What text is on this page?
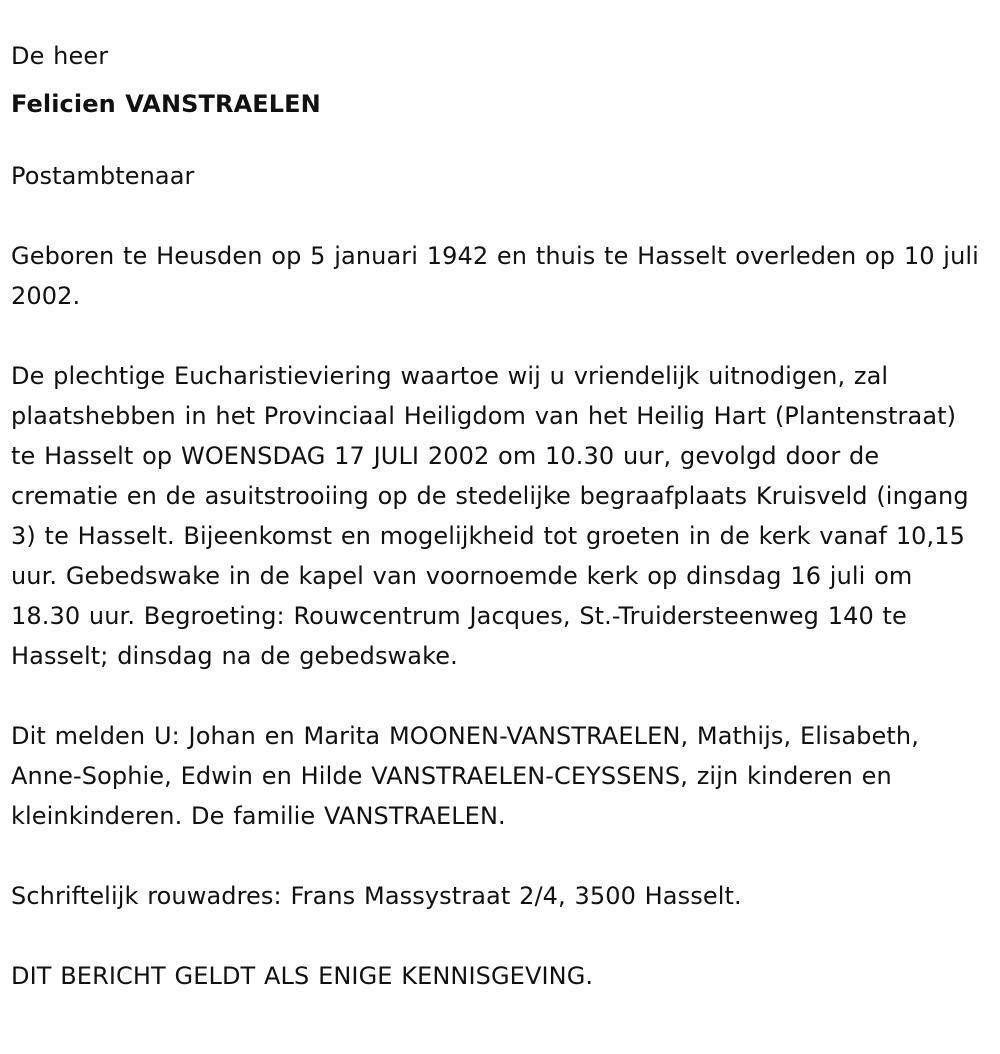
De heer

Felicien VANSTRAELEN

Postambtenaar

Geboren te Heusden op 5 januari 1942 en thuis te Hasselt overleden op 10 juli 2002.

De plechtige Eucharistieviering waartoe wij u vriendelijk uitnodigen, zal plaatshebben in het Provinciaal Heiligdom van het Heilig Hart (Plantenstraat) te Hasselt op WOENSDAG 17 JULI 2002 om 10.30 uur, gevolgd door de crematie en de asuitstrooiing op de stedelijke begraafplaats Kruisveld (ingang 3) te Hasselt. Bijeenkomst en mogelijkheid tot groeten in de kerk vanaf 10,15 uur. Gebedswake in de kapel van voornoemde kerk op dinsdag 16 juli om 18.30 uur. Begroeting: Rouwcentrum Jacques, St.-Truidersteenweg 140 te Hasselt; dinsdag na de gebedswake.

Dit melden U: Johan en Marita MOONEN-VANSTRAELEN, Mathijs, Elisabeth, Anne-Sophie, Edwin en Hilde VANSTRAELEN-CEYSSENS, zijn kinderen en kleinkinderen. De familie VANSTRAELEN.

Schriftelijk rouwadres: Frans Massystraat 2/4, 3500 Hasselt.

DIT BERICHT GELDT ALS ENIGE KENNISGEVING.
